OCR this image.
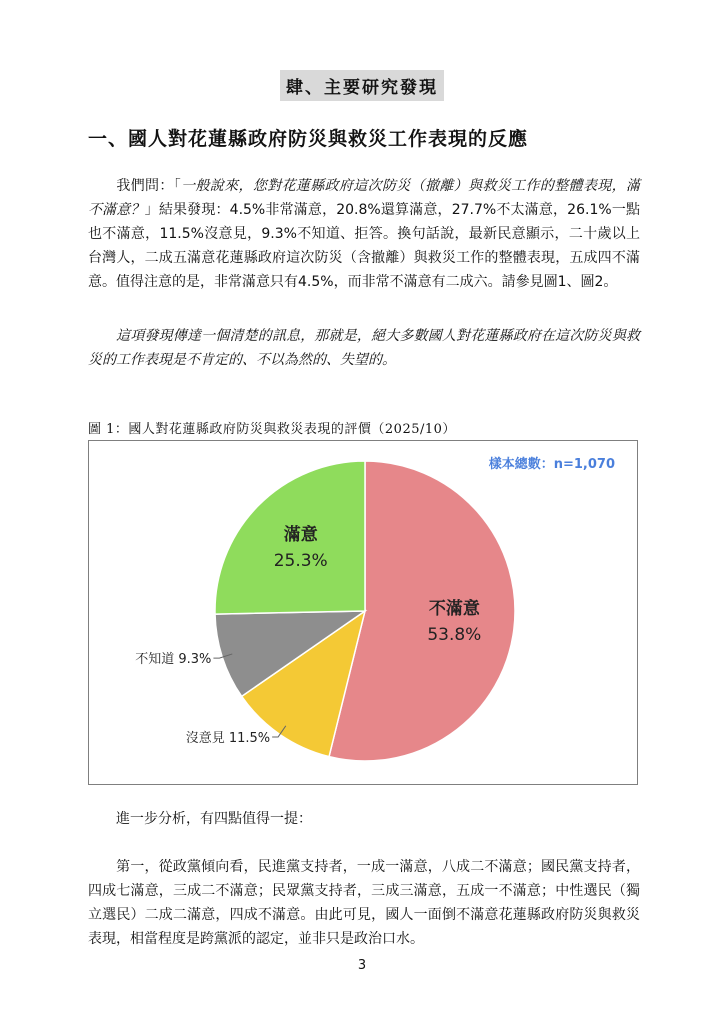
肆、主要研究發現
一、國人對花蓮縣政府防災與救災工作表現的反應

我們問：「一般說來，您對花蓮縣政府這次防災（撤離）與救災工作的整體表現，滿不滿意？」結果發現：4.5%非常滿意，20.8%還算滿意，27.7%不太滿意，26.1%一點也不滿意，11.5%沒意見，9.3%不知道、拒答。換句話說，最新民意顯示，二十歲以上台灣人，二成五滿意花蓮縣政府這次防災（含撤離）與救災工作的整體表現，五成四不滿意。值得注意的是，非常滿意只有4.5%，而非常不滿意有二成六。請參見圖1、圖2。

這項發現傳達一個清楚的訊息，那就是，絕大多數國人對花蓮縣政府在這次防災與救災的工作表現是不肯定的、不以為然的、失望的。

圖 1：國人對花蓮縣政府防災與救災表現的評價（2025/10）
樣本總數：n=1,070
不滿意
53.8%
沒意見 11.5%
不知道 9.3%
滿意
25.3%

進一步分析，有四點值得一提：

第一，從政黨傾向看，民進黨支持者，一成一滿意，八成二不滿意；國民黨支持者，四成七滿意，三成二不滿意；民眾黨支持者，三成三滿意，五成一不滿意；中性選民（獨立選民）二成二滿意，四成不滿意。由此可見，國人一面倒不滿意花蓮縣政府防災與救災表現，相當程度是跨黨派的認定，並非只是政治口水。

3
